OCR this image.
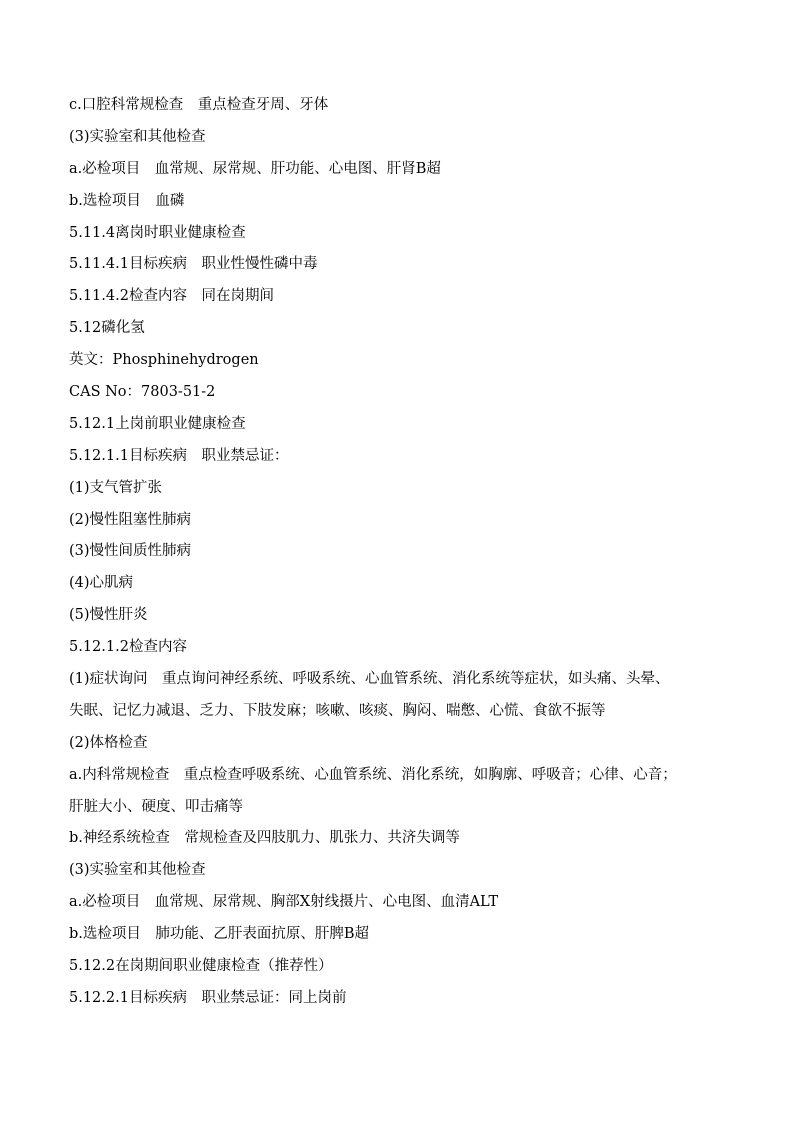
c.口腔科常规检查　重点检查牙周、牙体
(3)实验室和其他检查
a.必检项目　血常规、尿常规、肝功能、心电图、肝肾B超
b.选检项目　血磷
5.11.4离岗时职业健康检查
5.11.4.1目标疾病　职业性慢性磷中毒
5.11.4.2检查内容　同在岗期间
5.12磷化氢
英文：Phosphinehydrogen
CAS No：7803-51-2
5.12.1上岗前职业健康检查
5.12.1.1目标疾病　职业禁忌证：
(1)支气管扩张
(2)慢性阻塞性肺病
(3)慢性间质性肺病
(4)心肌病
(5)慢性肝炎
5.12.1.2检查内容
(1)症状询问　重点询问神经系统、呼吸系统、心血管系统、消化系统等症状，如头痛、头晕、
失眠、记忆力减退、乏力、下肢发麻；咳嗽、咳痰、胸闷、喘憋、心慌、食欲不振等
(2)体格检查
a.内科常规检查　重点检查呼吸系统、心血管系统、消化系统，如胸廓、呼吸音；心律、心音；
肝脏大小、硬度、叩击痛等
b.神经系统检查　常规检查及四肢肌力、肌张力、共济失调等
(3)实验室和其他检查
a.必检项目　血常规、尿常规、胸部X射线摄片、心电图、血清ALT
b.选检项目　肺功能、乙肝表面抗原、肝脾B超
5.12.2在岗期间职业健康检查（推荐性）
5.12.2.1目标疾病　职业禁忌证：同上岗前
